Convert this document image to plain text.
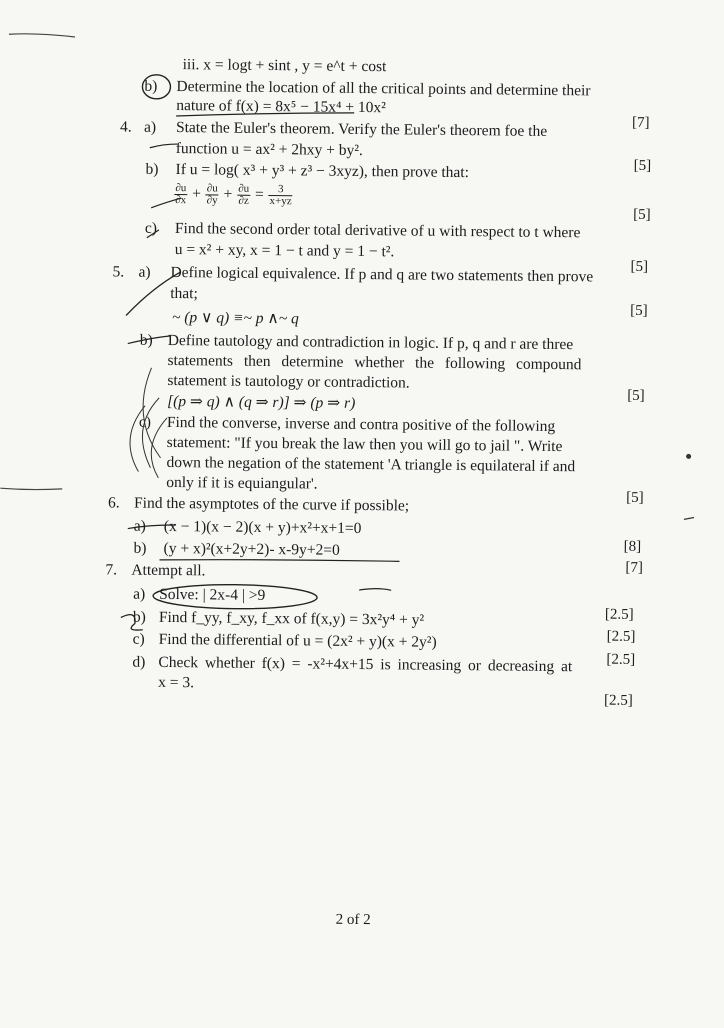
iii. x = logt + sint , y = e^t + cost
b) Determine the location of all the critical points and determine their
nature of f(x) = 8x⁵ − 15x⁴ + 10x²
[7]
4. a) State the Euler's theorem. Verify the Euler's theorem foe the
function u = ax² + 2hxy + by².
[5]
b) If u = log( x³ + y³ + z³ − 3xyz), then prove that:
$\frac{\partial u}{\partial x} + \frac{\partial u}{\partial y} + \frac{\partial u}{\partial z} = \frac{3}{x+yz}$
[5]
c) Find the second order total derivative of u with respect to t where
u = x² + xy, x = 1 − t and y = 1 − t².
[5]
5. a) Define logical equivalence. If p and q are two statements then prove
that;
[5]
~ (p ∨ q) ≡~ p ∧~ q
b) Define tautology and contradiction in logic. If p, q and r are three
statements then determine whether the following compound
statement is tautology or contradiction.
[5]
[(p ⇒ q) ∧ (q ⇒ r)] ⇒ (p ⇒ r)
c) Find the converse, inverse and contra positive of the following
statement: "If you break the law then you will go to jail ". Write
down the negation of the statement 'A triangle is equilateral if and
only if it is equiangular'.
[5]
6. Find the asymptotes of the curve if possible;
a) (x − 1)(x − 2)(x + y)+x²+x+1=0
[8]
b) (y + x)²(x+2y+2)- x-9y+2=0
[7]
7. Attempt all.
a) Solve: | 2x-4 | >9
[2.5]
b) Find f_yy, f_xy, f_xx of f(x,y) = 3x²y⁴ + y²
[2.5]
c) Find the differential of u = (2x² + y)(x + 2y²)
[2.5]
d) Check whether f(x) = -x²+4x+15 is increasing or decreasing at
x = 3.
[2.5]
2 of 2
